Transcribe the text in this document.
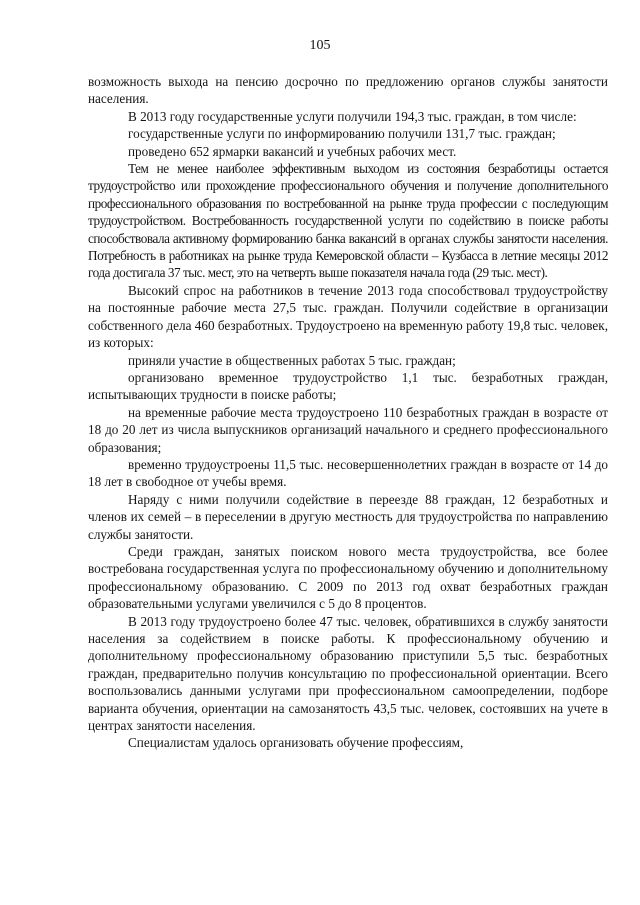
105

возможность выхода на пенсию досрочно по предложению органов службы занятости населения.

В 2013 году государственные услуги получили 194,3 тыс. граждан, в том числе:

государственные услуги по информированию получили 131,7 тыс. граждан;

проведено 652 ярмарки вакансий и учебных рабочих мест.

Тем не менее наиболее эффективным выходом из состояния безработицы остается трудоустройство или прохождение профессионального обучения и получение дополнительного профессионального образования по востребованной на рынке труда профессии с последующим трудоустройством. Востребованность государственной услуги по содействию в поиске работы способствовала активному формированию банка вакансий в органах службы занятости населения. Потребность в работниках на рынке труда Кемеровской области – Кузбасса в летние месяцы 2012 года достигала 37 тыс. мест, это на четверть выше показателя начала года (29 тыс. мест).

Высокий спрос на работников в течение 2013 года способствовал трудоустройству на постоянные рабочие места 27,5 тыс. граждан. Получили содействие в организации собственного дела 460 безработных. Трудоустроено на временную работу 19,8 тыс. человек, из которых:

приняли участие в общественных работах 5 тыс. граждан;

организовано временное трудоустройство 1,1 тыс. безработных граждан, испытывающих трудности в поиске работы;

на временные рабочие места трудоустроено 110 безработных граждан в возрасте от 18 до 20 лет из числа выпускников организаций начального и среднего профессионального образования;

временно трудоустроены 11,5 тыс. несовершеннолетних граждан в возрасте от 14 до 18 лет в свободное от учебы время.

Наряду с ними получили содействие в переезде 88 граждан, 12 безработных и членов их семей – в переселении в другую местность для трудоустройства по направлению службы занятости.

Среди граждан, занятых поиском нового места трудоустройства, все более востребована государственная услуга по профессиональному обучению и дополнительному профессиональному образованию. С 2009 по 2013 год охват безработных граждан образовательными услугами увеличился с 5 до 8 процентов.

В 2013 году трудоустроено более 47 тыс. человек, обратившихся в службу занятости населения за содействием в поиске работы. К профессиональному обучению и дополнительному профессиональному образованию приступили 5,5 тыс. безработных граждан, предварительно получив консультацию по профессиональной ориентации. Всего воспользовались данными услугами при профессиональном самоопределении, подборе варианта обучения, ориентации на самозанятость 43,5 тыс. человек, состоявших на учете в центрах занятости населения.

Специалистам удалось организовать обучение профессиям,
